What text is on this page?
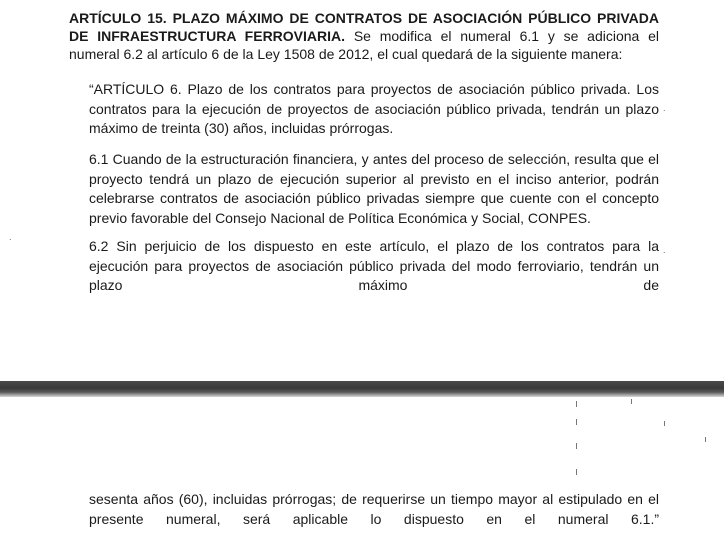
ARTÍCULO 15. PLAZO MÁXIMO DE CONTRATOS DE ASOCIACIÓN PÚBLICO PRIVADA DE INFRAESTRUCTURA FERROVIARIA. Se modifica el numeral 6.1 y se adiciona el numeral 6.2 al artículo 6 de la Ley 1508 de 2012, el cual quedará de la siguiente manera:
“ARTÍCULO 6. Plazo de los contratos para proyectos de asociación público privada. Los contratos para la ejecución de proyectos de asociación público privada, tendrán un plazo máximo de treinta (30) años, incluidas prórrogas.
6.1 Cuando de la estructuración financiera, y antes del proceso de selección, resulta que el proyecto tendrá un plazo de ejecución superior al previsto en el inciso anterior, podrán celebrarse contratos de asociación público privadas siempre que cuente con el concepto previo favorable del Consejo Nacional de Política Económica y Social, CONPES.
6.2 Sin perjuicio de los dispuesto en este artículo, el plazo de los contratos para la ejecución para proyectos de asociación público privada del modo ferroviario, tendrán un plazo máximo de
.
.
.
sesenta años (60), incluidas prórrogas; de requerirse un tiempo mayor al estipulado en el presente numeral, será aplicable lo dispuesto en el numeral 6.1.”
